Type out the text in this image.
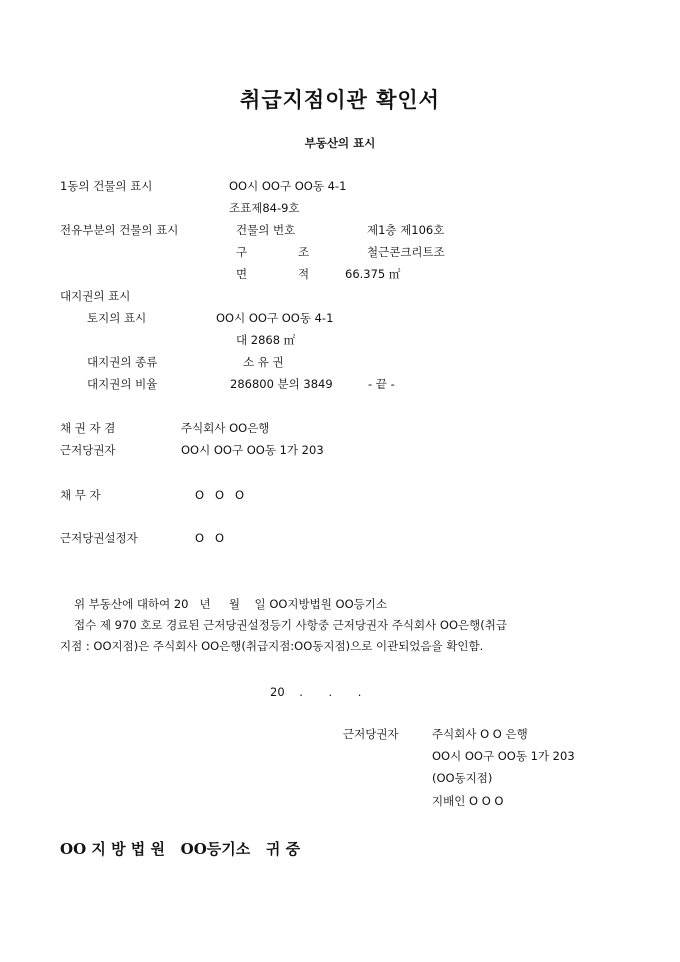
취급지점이관 확인서
부동산의 표시
1동의 건물의 표시	OO시 OO구 OO동 4-1
조표제84-9호
전유부분의 건물의 표시	건물의 번호	제1층 제106호
구	조	철근콘크리트조
면	적	66.375 ㎡
대지권의 표시
토지의 표시	OO시 OO구 OO동 4-1
대 2868 ㎡
대지권의 종류	소 유 권
대지권의 비율	286800 분의 3849	- 끝 -
채 권 자 겸	주식회사 OO은행
근저당권자	OO시 OO구 OO동 1가 203
채 무 자	O   O   O
근저당권설정자	O   O
위 부동산에 대하여 20   년     월    일 OO지방법원 OO등기소
접수 제 970 호로 경료된 근저당권설정등기 사항중 근저당권자 주식회사 OO은행(취급
지점 : OO지점)은 주식회사 OO은행(취급지점:OO동지점)으로 이관되었음을 확인함.
20    .       .       .
근저당권자	주식회사 O O 은행
OO시 OO구 OO동 1가 203
(OO동지점)
지배인 O O O
OO 지 방 법 원   OO등기소   귀 중
